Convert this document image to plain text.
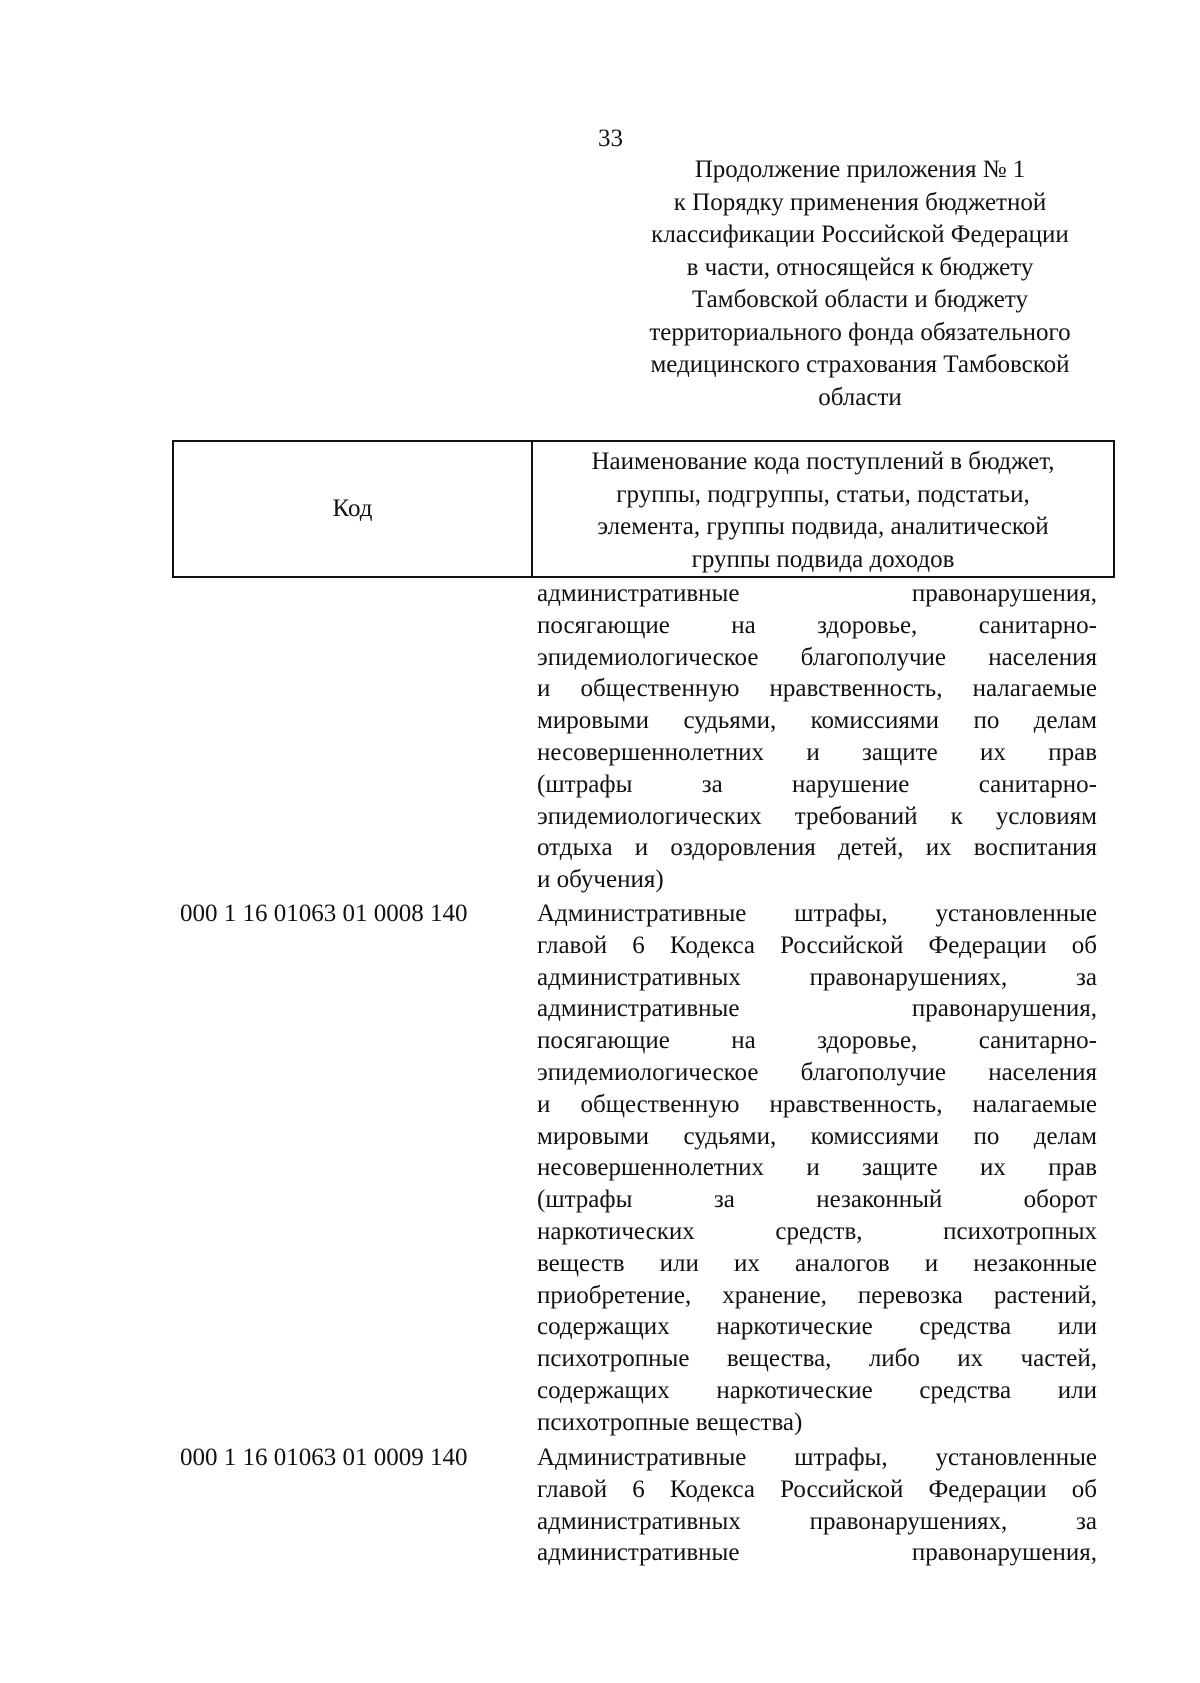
33
Продолжение приложения № 1
к Порядку применения бюджетной
классификации Российской Федерации
в части, относящейся к бюджету
Тамбовской области и бюджету
территориального фонда обязательного
медицинского страхования Тамбовской
области
Код
Наименование кода поступлений в бюджет,
группы, подгруппы, статьи, подстатьи,
элемента, группы подвида, аналитической
группы подвида доходов
административные правонарушения,
посягающие на здоровье, санитарно-
эпидемиологическое благополучие населения
и общественную нравственность, налагаемые
мировыми судьями, комиссиями по делам
несовершеннолетних и защите их прав
(штрафы за нарушение санитарно-
эпидемиологических требований к условиям
отдыха и оздоровления детей, их воспитания
и обучения)
000 1 16 01063 01 0008 140	Административные штрафы, установленные
главой 6 Кодекса Российской Федерации об
административных правонарушениях, за
административные правонарушения,
посягающие на здоровье, санитарно-
эпидемиологическое благополучие населения
и общественную нравственность, налагаемые
мировыми судьями, комиссиями по делам
несовершеннолетних и защите их прав
(штрафы за незаконный оборот
наркотических средств, психотропных
веществ или их аналогов и незаконные
приобретение, хранение, перевозка растений,
содержащих наркотические средства или
психотропные вещества, либо их частей,
содержащих наркотические средства или
психотропные вещества)
000 1 16 01063 01 0009 140	Административные штрафы, установленные
главой 6 Кодекса Российской Федерации об
административных правонарушениях, за
административные правонарушения,
